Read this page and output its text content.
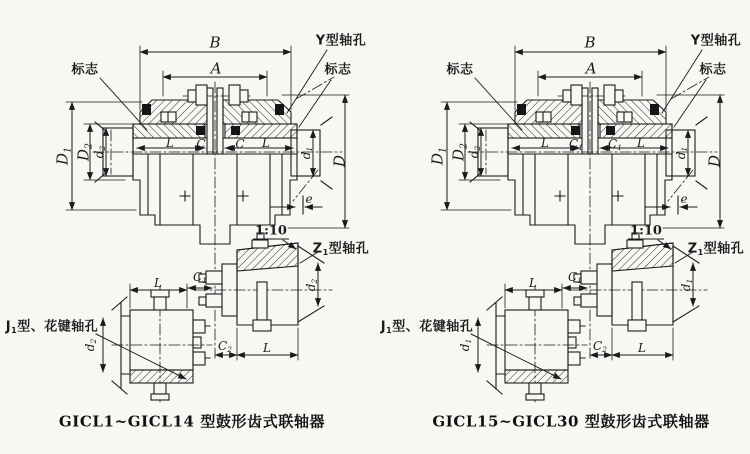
Y型轴孔
标志	标志
B
A
$D_1$ $D_2$
$d_2$
$d_1$
D
e
L C C L
1:10
$Z_1$型轴孔
$J_1$型、花键轴孔
L	$C_1$
$d_2$	$C_2$	L
$d_2$
GⅠCL1~GⅠCL14 型鼓形齿式联轴器
Y型轴孔
标志	标志
B
A
$D_1$ $D_2$
$d_2$
$d_1$
D
e
L $C_1$ $C_1$ L
1:10
$Z_1$型轴孔
$J_1$型、花键轴孔
L	$C_1$
$d_1$	$C_2$	L
$d_1$
GⅠCL15~GⅠCL30 型鼓形齿式联轴器
